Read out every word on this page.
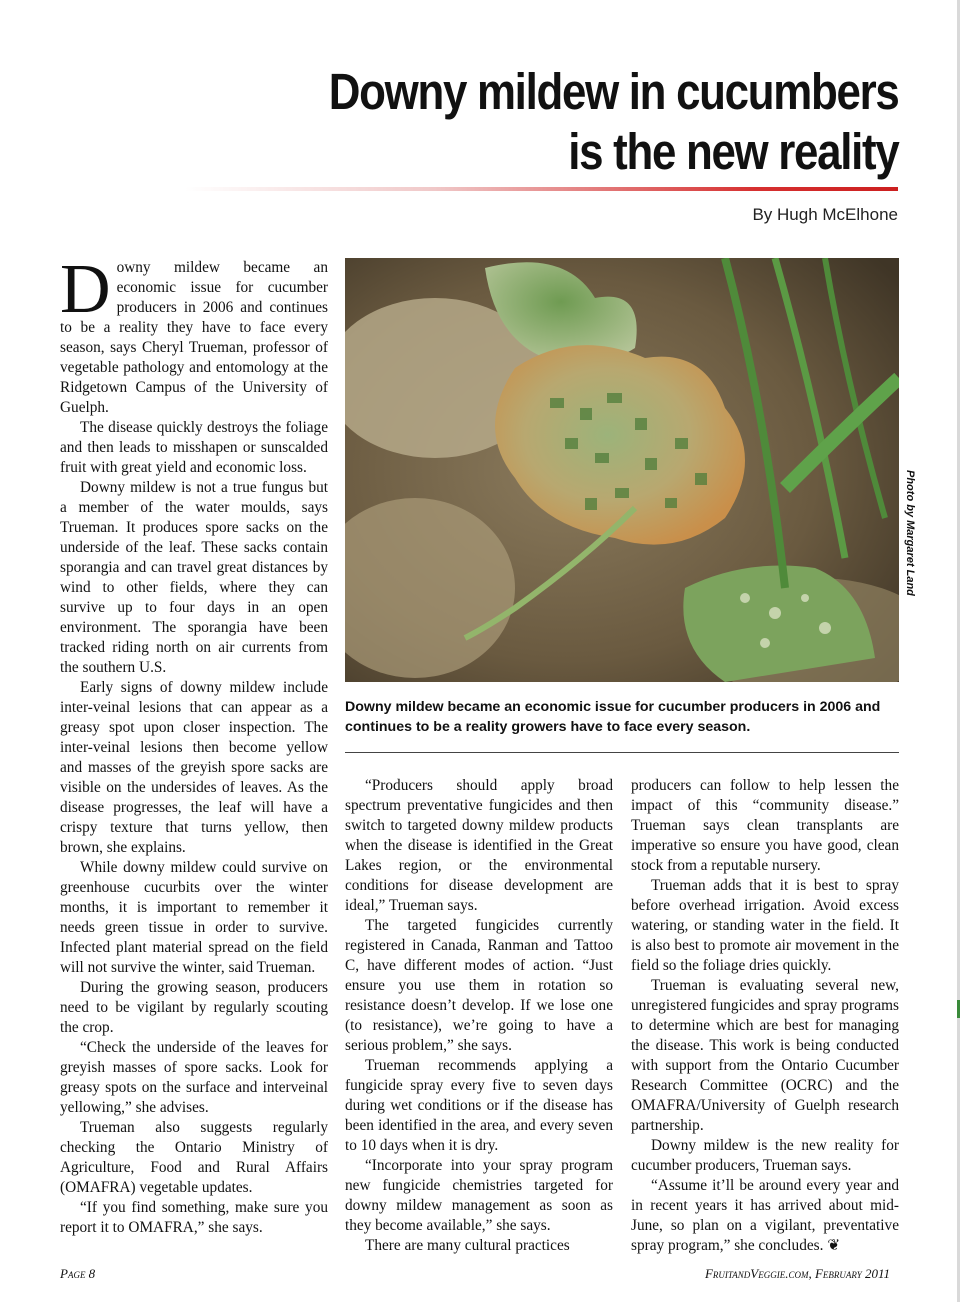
Downy mildew in cucumbers
is the new reality
By Hugh McElhone

Downy mildew became an economic issue for cucumber producers in 2006 and continues to be a reality they have to face every season, says Cheryl Trueman, professor of vegetable pathology and entomology at the Ridgetown Campus of the University of Guelph.

The disease quickly destroys the foliage and then leads to misshapen or sunscalded fruit with great yield and economic loss.

Downy mildew is not a true fungus but a member of the water moulds, says Trueman. It produces spore sacks on the underside of the leaf. These sacks contain sporangia and can travel great distances by wind to other fields, where they can survive up to four days in an open environment. The sporangia have been tracked riding north on air currents from the southern U.S.

Early signs of downy mildew include inter-veinal lesions that can appear as a greasy spot upon closer inspection. The inter-veinal lesions then become yellow and masses of the greyish spore sacks are visible on the undersides of leaves. As the disease progresses, the leaf will have a crispy texture that turns yellow, then brown, she explains.

While downy mildew could survive on greenhouse cucurbits over the winter months, it is important to remember it needs green tissue in order to survive. Infected plant material spread on the field will not survive the winter, said Trueman.

During the growing season, producers need to be vigilant by regularly scouting the crop.

“Check the underside of the leaves for greyish masses of spore sacks. Look for greasy spots on the surface and interveinal yellowing,” she advises.

Trueman also suggests regularly checking the Ontario Ministry of Agriculture, Food and Rural Affairs (OMAFRA) vegetable updates.

“If you find something, make sure you report it to OMAFRA,” she says.

Photo by Margaret Land
Downy mildew became an economic issue for cucumber producers in 2006 and continues to be a reality growers have to face every season.

“Producers should apply broad spectrum preventative fungicides and then switch to targeted downy mildew products when the disease is identified in the Great Lakes region, or the environmental conditions for disease development are ideal,” Trueman says.

The targeted fungicides currently registered in Canada, Ranman and Tattoo C, have different modes of action. “Just ensure you use them in rotation so resistance doesn’t develop. If we lose one (to resistance), we’re going to have a serious problem,” she says.

Trueman recommends applying a fungicide spray every five to seven days during wet conditions or if the disease has been identified in the area, and every seven to 10 days when it is dry.

“Incorporate into your spray program new fungicide chemistries targeted for downy mildew management as soon as they become available,” she says.

There are many cultural practices

producers can follow to help lessen the impact of this “community disease.” Trueman says clean transplants are imperative so ensure you have good, clean stock from a reputable nursery.

Trueman adds that it is best to spray before overhead irrigation. Avoid excess watering, or standing water in the field. It is also best to promote air movement in the field so the foliage dries quickly.

Trueman is evaluating several new, unregistered fungicides and spray programs to determine which are best for managing the disease. This work is being conducted with support from the Ontario Cucumber Research Committee (OCRC) and the OMAFRA/University of Guelph research partnership.

Downy mildew is the new reality for cucumber producers, Trueman says.

“Assume it’ll be around every year and in recent years it has arrived about mid-June, so plan on a vigilant, preventative spray program,” she concludes. ❦

Page 8	FruitandVeggie.com, February 2011
